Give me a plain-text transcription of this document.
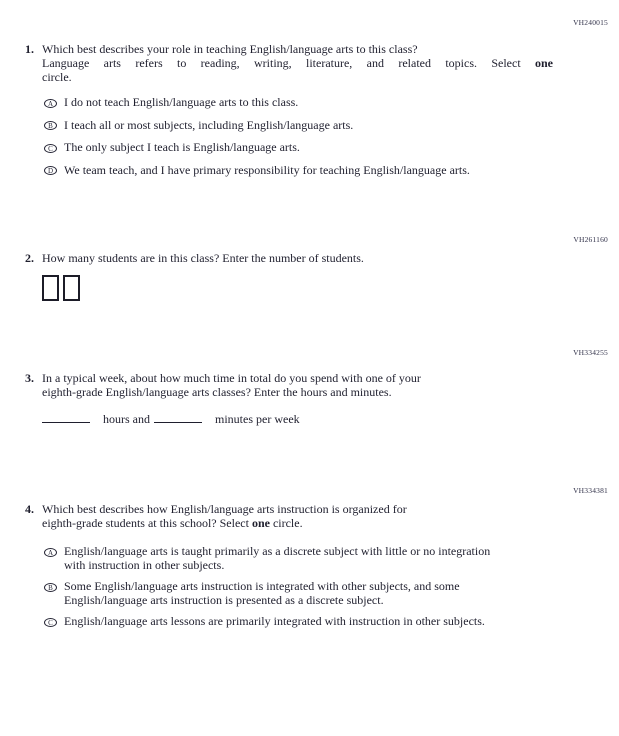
VH240015
1. Which best describes your role in teaching English/language arts to this class?
Language arts refers to reading, writing, literature, and related topics. Select one
circle.
A I do not teach English/language arts to this class.
B I teach all or most subjects, including English/language arts.
C The only subject I teach is English/language arts.
D We team teach, and I have primary responsibility for teaching English/language arts.
VH261160
2. How many students are in this class? Enter the number of students.
VH334255
3. In a typical week, about how much time in total do you spend with one of your
eighth-grade English/language arts classes? Enter the hours and minutes.
hours and	minutes per week
VH334381
4. Which best describes how English/language arts instruction is organized for
eighth-grade students at this school? Select one circle.
A English/language arts is taught primarily as a discrete subject with little or no integration
with instruction in other subjects.
B Some English/language arts instruction is integrated with other subjects, and some
English/language arts instruction is presented as a discrete subject.
C English/language arts lessons are primarily integrated with instruction in other subjects.
